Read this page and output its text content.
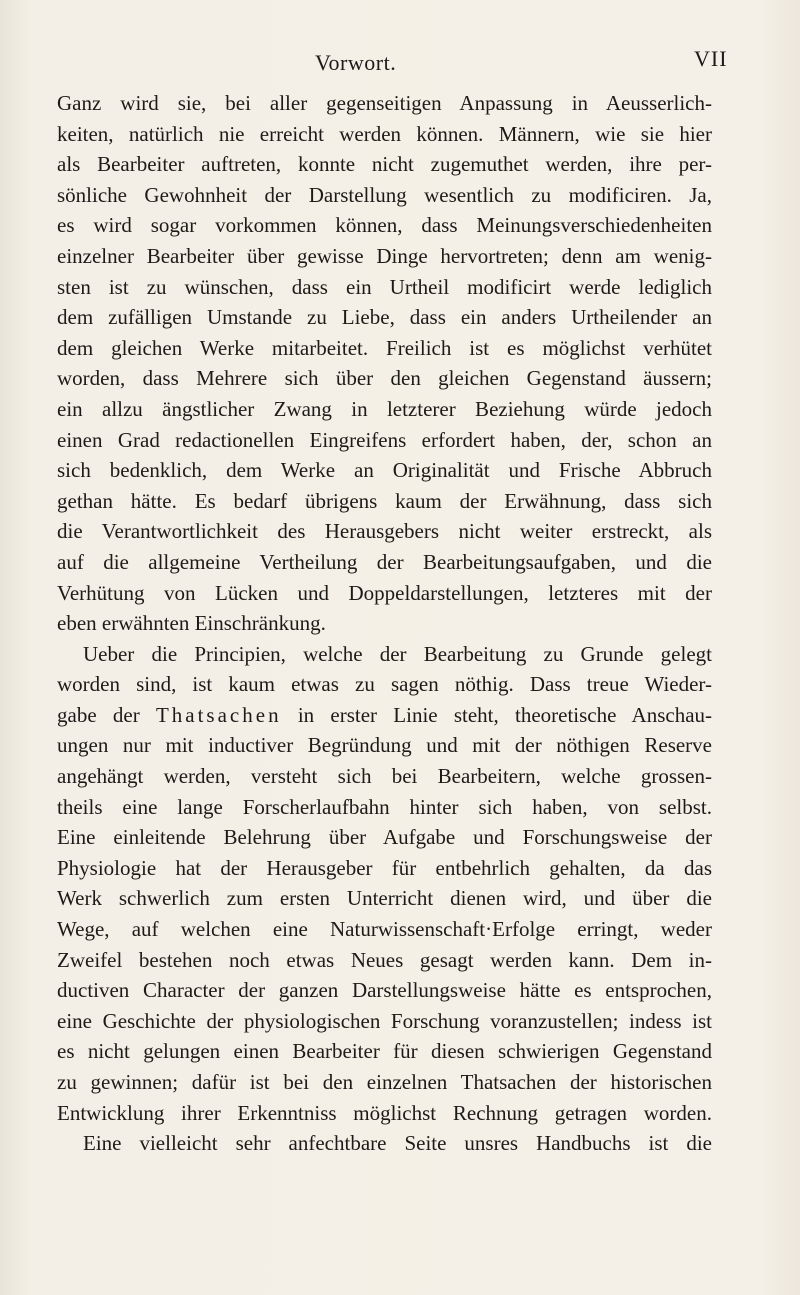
Vorwort.	VII
Ganz wird sie, bei aller gegenseitigen Anpassung in Aeusserlich-
keiten, natürlich nie erreicht werden können. Männern, wie sie hier
als Bearbeiter auftreten, konnte nicht zugemuthet werden, ihre per-
sönliche Gewohnheit der Darstellung wesentlich zu modificiren. Ja,
es wird sogar vorkommen können, dass Meinungsverschiedenheiten
einzelner Bearbeiter über gewisse Dinge hervortreten; denn am wenig-
sten ist zu wünschen, dass ein Urtheil modificirt werde lediglich
dem zufälligen Umstande zu Liebe, dass ein anders Urtheilender an
dem gleichen Werke mitarbeitet. Freilich ist es möglichst verhütet
worden, dass Mehrere sich über den gleichen Gegenstand äussern;
ein allzu ängstlicher Zwang in letzterer Beziehung würde jedoch
einen Grad redactionellen Eingreifens erfordert haben, der, schon an
sich bedenklich, dem Werke an Originalität und Frische Abbruch
gethan hätte. Es bedarf übrigens kaum der Erwähnung, dass sich
die Verantwortlichkeit des Herausgebers nicht weiter erstreckt, als
auf die allgemeine Vertheilung der Bearbeitungsaufgaben, und die
Verhütung von Lücken und Doppeldarstellungen, letzteres mit der
eben erwähnten Einschränkung.
Ueber die Principien, welche der Bearbeitung zu Grunde gelegt
worden sind, ist kaum etwas zu sagen nöthig. Dass treue Wieder-
gabe der Thatsachen in erster Linie steht, theoretische Anschau-
ungen nur mit inductiver Begründung und mit der nöthigen Reserve
angehängt werden, versteht sich bei Bearbeitern, welche grossen-
theils eine lange Forscherlaufbahn hinter sich haben, von selbst.
Eine einleitende Belehrung über Aufgabe und Forschungsweise der
Physiologie hat der Herausgeber für entbehrlich gehalten, da das
Werk schwerlich zum ersten Unterricht dienen wird, und über die
Wege, auf welchen eine Naturwissenschaft·Erfolge erringt, weder
Zweifel bestehen noch etwas Neues gesagt werden kann. Dem in-
ductiven Character der ganzen Darstellungsweise hätte es entsprochen,
eine Geschichte der physiologischen Forschung voranzustellen; indess ist
es nicht gelungen einen Bearbeiter für diesen schwierigen Gegenstand
zu gewinnen; dafür ist bei den einzelnen Thatsachen der historischen
Entwicklung ihrer Erkenntniss möglichst Rechnung getragen worden.
Eine vielleicht sehr anfechtbare Seite unsres Handbuchs ist die
